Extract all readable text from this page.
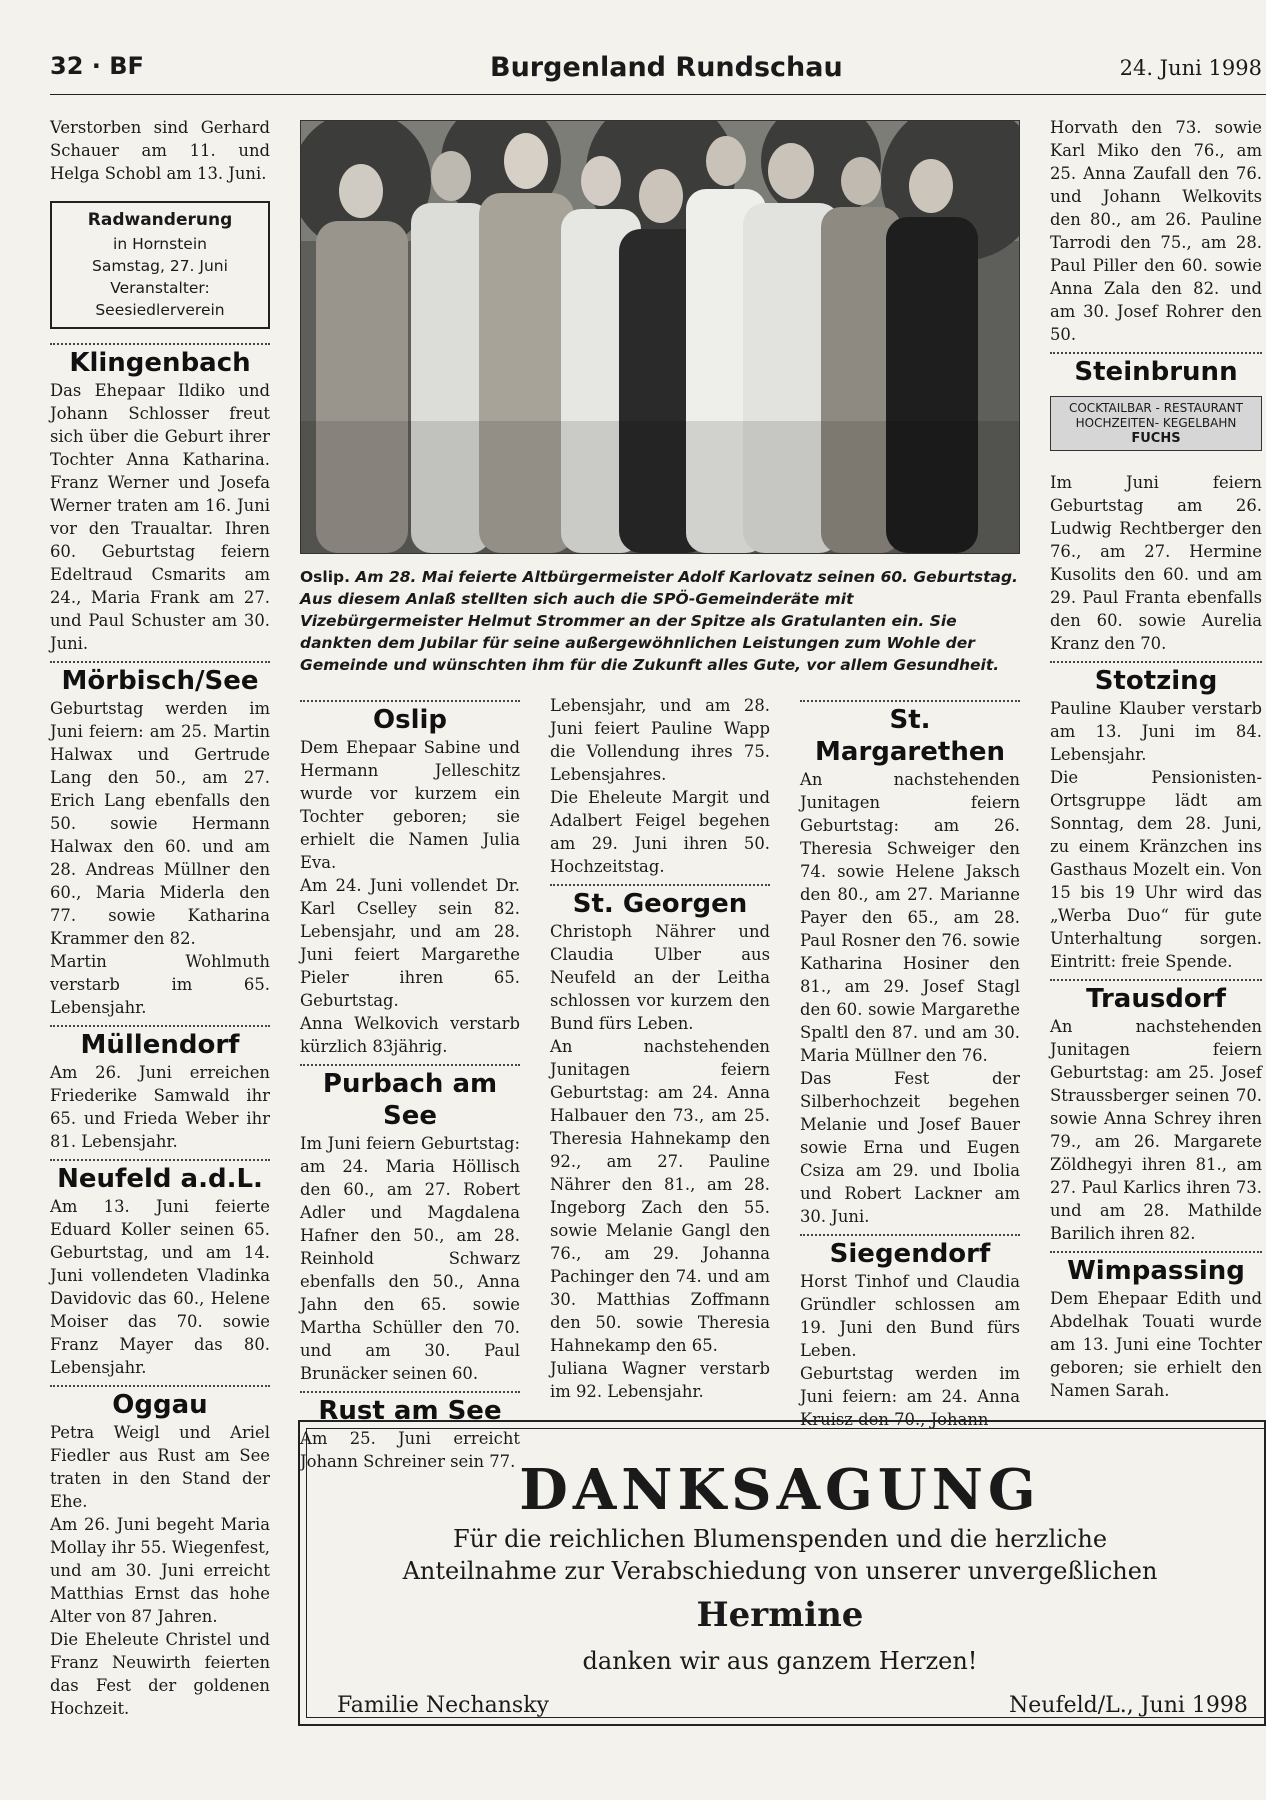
32 · BF	Burgenland Rundschau	24. Juni 1998

Verstorben sind Gerhard Schauer am 11. und Helga Schobl am 13. Juni.

Radwanderung
in Hornstein
Samstag, 27. Juni
Veranstalter:
Seesiedlerverein
Klingenbach

Das Ehepaar Ildiko und Johann Schlosser freut sich über die Geburt ihrer Tochter Anna Katharina. Franz Werner und Josefa Werner traten am 16. Juni vor den Traualtar. Ihren 60. Geburtstag feiern Edeltraud Csmarits am 24., Maria Frank am 27. und Paul Schuster am 30. Juni.

Mörbisch/See

Geburtstag werden im Juni feiern: am 25. Martin Halwax und Gertrude Lang den 50., am 27. Erich Lang ebenfalls den 50. sowie Hermann Halwax den 60. und am 28. Andreas Müllner den 60., Maria Miderla den 77. sowie Katharina Krammer den 82.

Martin Wohlmuth verstarb im 65. Lebensjahr.

Müllendorf

Am 26. Juni erreichen Friederike Samwald ihr 65. und Frieda Weber ihr 81. Lebensjahr.

Neufeld a.d.L.

Am 13. Juni feierte Eduard Koller seinen 65. Geburtstag, und am 14. Juni vollendeten Vladinka Davidovic das 60., Helene Moiser das 70. sowie Franz Mayer das 80. Lebensjahr.

Oggau

Petra Weigl und Ariel Fiedler aus Rust am See traten in den Stand der Ehe.

Am 26. Juni begeht Maria Mollay ihr 55. Wiegenfest, und am 30. Juni erreicht Matthias Ernst das hohe Alter von 87 Jahren.

Die Eheleute Christel und Franz Neuwirth feierten das Fest der goldenen Hochzeit.

Oslip. Am 28. Mai feierte Altbürgermeister Adolf Karlovatz seinen 60. Geburtstag. Aus diesem Anlaß stellten sich auch die SPÖ-Gemeinderäte mit Vizebürgermeister Helmut Strommer an der Spitze als Gratulanten ein. Sie dankten dem Jubilar für seine außergewöhnlichen Leistungen zum Wohle der Gemeinde und wünschten ihm für die Zukunft alles Gute, vor allem Gesundheit.
Oslip

Dem Ehepaar Sabine und Hermann Jelleschitz wurde vor kurzem ein Tochter geboren; sie erhielt die Namen Julia Eva.

Am 24. Juni vollendet Dr. Karl Cselley sein 82. Lebensjahr, und am 28. Juni feiert Margarethe Pieler ihren 65. Geburtstag.

Anna Welkovich verstarb kürzlich 83jährig.

Purbach am See

Im Juni feiern Geburtstag: am 24. Maria Höllisch den 60., am 27. Robert Adler und Magdalena Hafner den 50., am 28. Reinhold Schwarz ebenfalls den 50., Anna Jahn den 65. sowie Martha Schüller den 70. und am 30. Paul Brunäcker seinen 60.

Rust am See

Am 25. Juni erreicht Johann Schreiner sein 77.

Lebensjahr, und am 28. Juni feiert Pauline Wapp die Vollendung ihres 75. Lebensjahres.

Die Eheleute Margit und Adalbert Feigel begehen am 29. Juni ihren 50. Hochzeitstag.

St. Georgen

Christoph Nährer und Claudia Ulber aus Neufeld an der Leitha schlossen vor kurzem den Bund fürs Leben.

An nachstehenden Junitagen feiern Geburtstag: am 24. Anna Halbauer den 73., am 25. Theresia Hahnekamp den 92., am 27. Pauline Nährer den 81., am 28. Ingeborg Zach den 55. sowie Melanie Gangl den 76., am 29. Johanna Pachinger den 74. und am 30. Matthias Zoffmann den 50. sowie Theresia Hahnekamp den 65.

Juliana Wagner verstarb im 92. Lebensjahr.

St. Margarethen

An nachstehenden Junitagen feiern Geburtstag: am 26. Theresia Schweiger den 74. sowie Helene Jaksch den 80., am 27. Marianne Payer den 65., am 28. Paul Rosner den 76. sowie Katharina Hosiner den 81., am 29. Josef Stagl den 60. sowie Margarethe Spaltl den 87. und am 30. Maria Müllner den 76.

Das Fest der Silberhochzeit begehen Melanie und Josef Bauer sowie Erna und Eugen Csiza am 29. und Ibolia und Robert Lackner am 30. Juni.

Siegendorf

Horst Tinhof und Claudia Gründler schlossen am 19. Juni den Bund fürs Leben.

Geburtstag werden im Juni feiern: am 24. Anna Kruisz den 70., Johann

Horvath den 73. sowie Karl Miko den 76., am 25. Anna Zaufall den 76. und Johann Welkovits den 80., am 26. Pauline Tarrodi den 75., am 28. Paul Piller den 60. sowie Anna Zala den 82. und am 30. Josef Rohrer den 50.

Steinbrunn
COCKTAILBAR - RESTAURANT
HOCHZEITEN- KEGELBAHN
FUCHS

Im Juni feiern Geburtstag am 26. Ludwig Rechtberger den 76., am 27. Hermine Kusolits den 60. und am 29. Paul Franta ebenfalls den 60. sowie Aurelia Kranz den 70.

Stotzing

Pauline Klauber verstarb am 13. Juni im 84. Lebensjahr.

Die Pensionisten-Ortsgruppe lädt am Sonntag, dem 28. Juni, zu einem Kränzchen ins Gasthaus Mozelt ein. Von 15 bis 19 Uhr wird das „Werba Duo“ für gute Unterhaltung sorgen. Eintritt: freie Spende.

Trausdorf

An nachstehenden Junitagen feiern Geburtstag: am 25. Josef Straussberger seinen 70. sowie Anna Schrey ihren 79., am 26. Margarete Zöldhegyi ihren 81., am 27. Paul Karlics ihren 73. und am 28. Mathilde Barilich ihren 82.

Wimpassing

Dem Ehepaar Edith und Abdelhak Touati wurde am 13. Juni eine Tochter geboren; sie erhielt den Namen Sarah.

DANKSAGUNG
Für die reichlichen Blumenspenden und die herzliche
Anteilnahme zur Verabschiedung von unserer unvergeßlichen
Hermine
danken wir aus ganzem Herzen!
Familie Nechansky	Neufeld/L., Juni 1998
